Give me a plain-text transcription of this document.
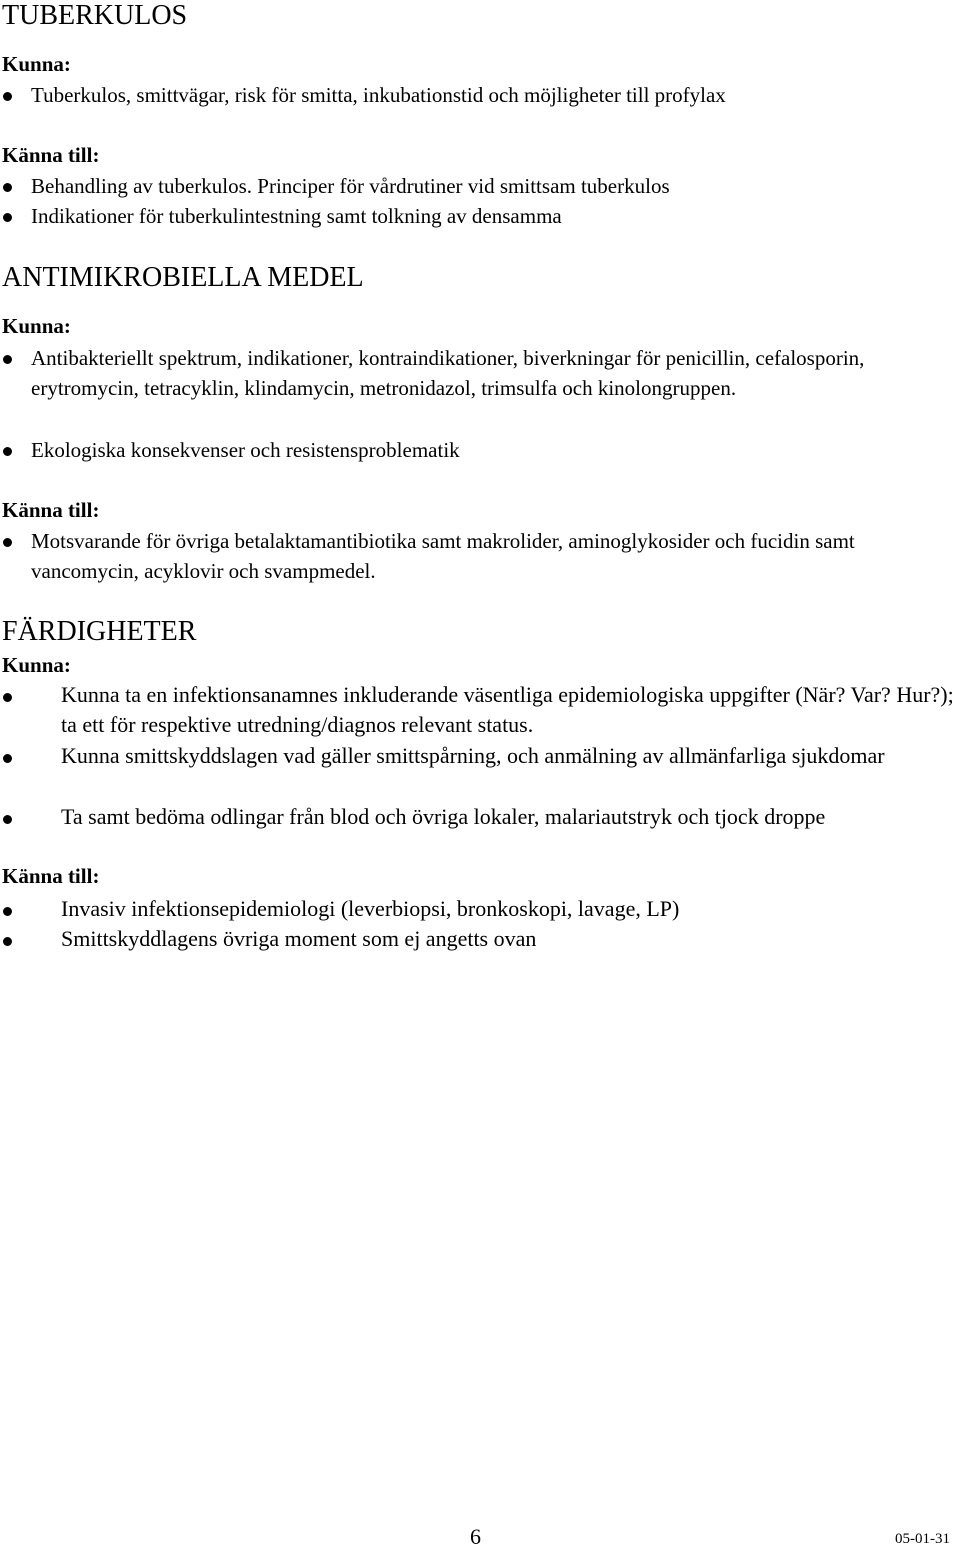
TUBERKULOS
Kunna:
Tuberkulos, smittvägar, risk för smitta, inkubationstid och möjligheter till profylax
Känna till:
Behandling av tuberkulos. Principer för vårdrutiner vid smittsam tuberkulos
Indikationer för tuberkulintestning samt tolkning av densamma
ANTIMIKROBIELLA MEDEL
Kunna:
Antibakteriellt spektrum, indikationer, kontraindikationer, biverkningar för penicillin, cefalosporin, erytromycin, tetracyklin, klindamycin, metronidazol, trimsulfa och kinolongruppen.
Ekologiska konsekvenser och resistensproblematik
Känna till:
Motsvarande för övriga betalaktamantibiotika samt makrolider, aminoglykosider och fucidin samt vancomycin, acyklovir och svampmedel.
FÄRDIGHETER
Kunna:
Kunna ta en infektionsanamnes inkluderande väsentliga epidemiologiska uppgifter (När? Var? Hur?); ta ett för respektive utredning/diagnos relevant status.
Kunna smittskyddslagen vad gäller smittspårning, och anmälning av allmänfarliga sjukdomar
Ta samt bedöma odlingar från blod och övriga lokaler, malariautstryk och tjock droppe
Känna till:
Invasiv infektionsepidemiologi (leverbiopsi, bronkoskopi, lavage, LP)
Smittskyddlagens övriga moment som ej angetts ovan
6	05-01-31
